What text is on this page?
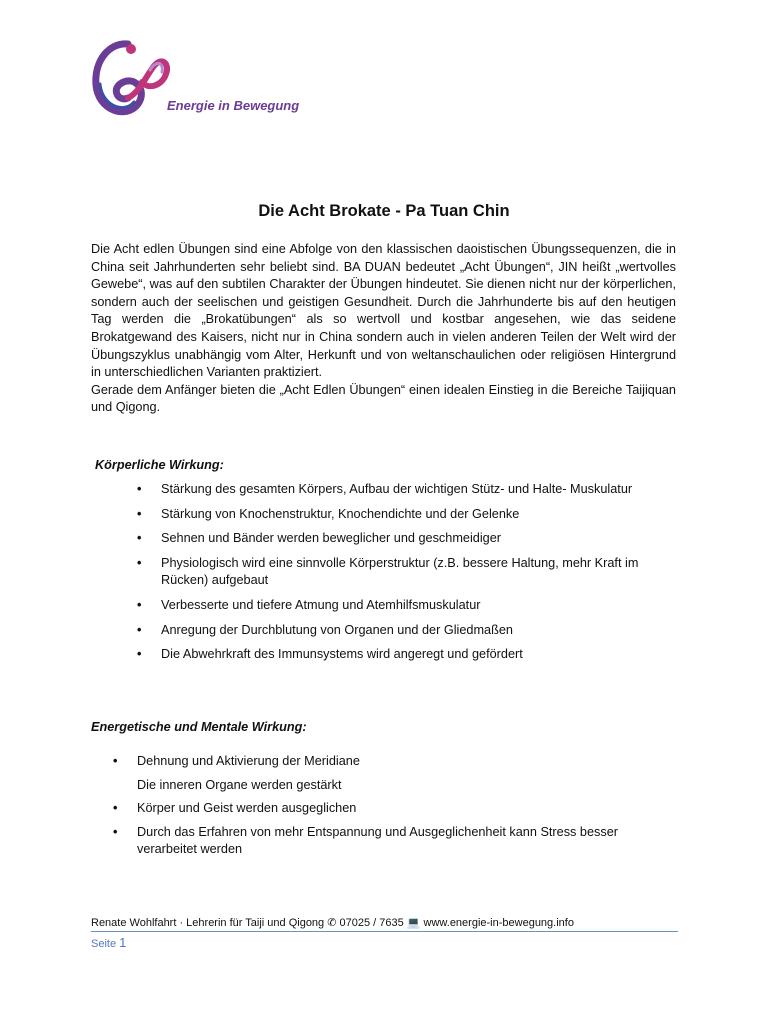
Energie in Bewegung
Die Acht Brokate - Pa Tuan Chin

Die Acht edlen Übungen sind eine Abfolge von den klassischen daoistischen Übungssequenzen, die in China seit Jahrhunderten sehr beliebt sind. BA DUAN bedeutet „Acht Übungen“, JIN heißt „wertvolles Gewebe“, was auf den subtilen Charakter der Übungen hindeutet. Sie dienen nicht nur der körperlichen, sondern auch der seelischen und geistigen Gesundheit. Durch die Jahrhunderte bis auf den heutigen Tag werden die „Brokatübungen“ als so wertvoll und kostbar angesehen, wie das seidene Brokatgewand des Kaisers, nicht nur in China sondern auch in vielen anderen Teilen der Welt wird der Übungszyklus unabhängig vom Alter, Herkunft und von weltanschaulichen oder religiösen Hintergrund in unterschiedlichen Varianten praktiziert.

Gerade dem Anfänger bieten die „Acht Edlen Übungen“ einen idealen Einstieg in die Bereiche Taijiquan und Qigong.

Körperliche Wirkung:

• Stärkung des gesamten Körpers, Aufbau der wichtigen Stütz- und Halte- Muskulatur
• Stärkung von Knochenstruktur, Knochendichte und der Gelenke
• Sehnen und Bänder werden beweglicher und geschmeidiger
• Physiologisch wird eine sinnvolle Körperstruktur (z.B. bessere Haltung, mehr Kraft im Rücken) aufgebaut
• Verbesserte und tiefere Atmung und Atemhilfsmuskulatur
• Anregung der Durchblutung von Organen und der Gliedmaßen
• Die Abwehrkraft des Immunsystems wird angeregt und gefördert

Energetische und Mentale Wirkung:

• Dehnung und Aktivierung der Meridiane
Die inneren Organe werden gestärkt
• Körper und Geist werden ausgeglichen
• Durch das Erfahren von mehr Entspannung und Ausgeglichenheit kann Stress besser verarbeitet werden
Renate Wohlfahrt · Lehrerin für Taiji und Qigong ✆ 07025 / 7635 💻 www.energie-in-bewegung.info
Seite 1
